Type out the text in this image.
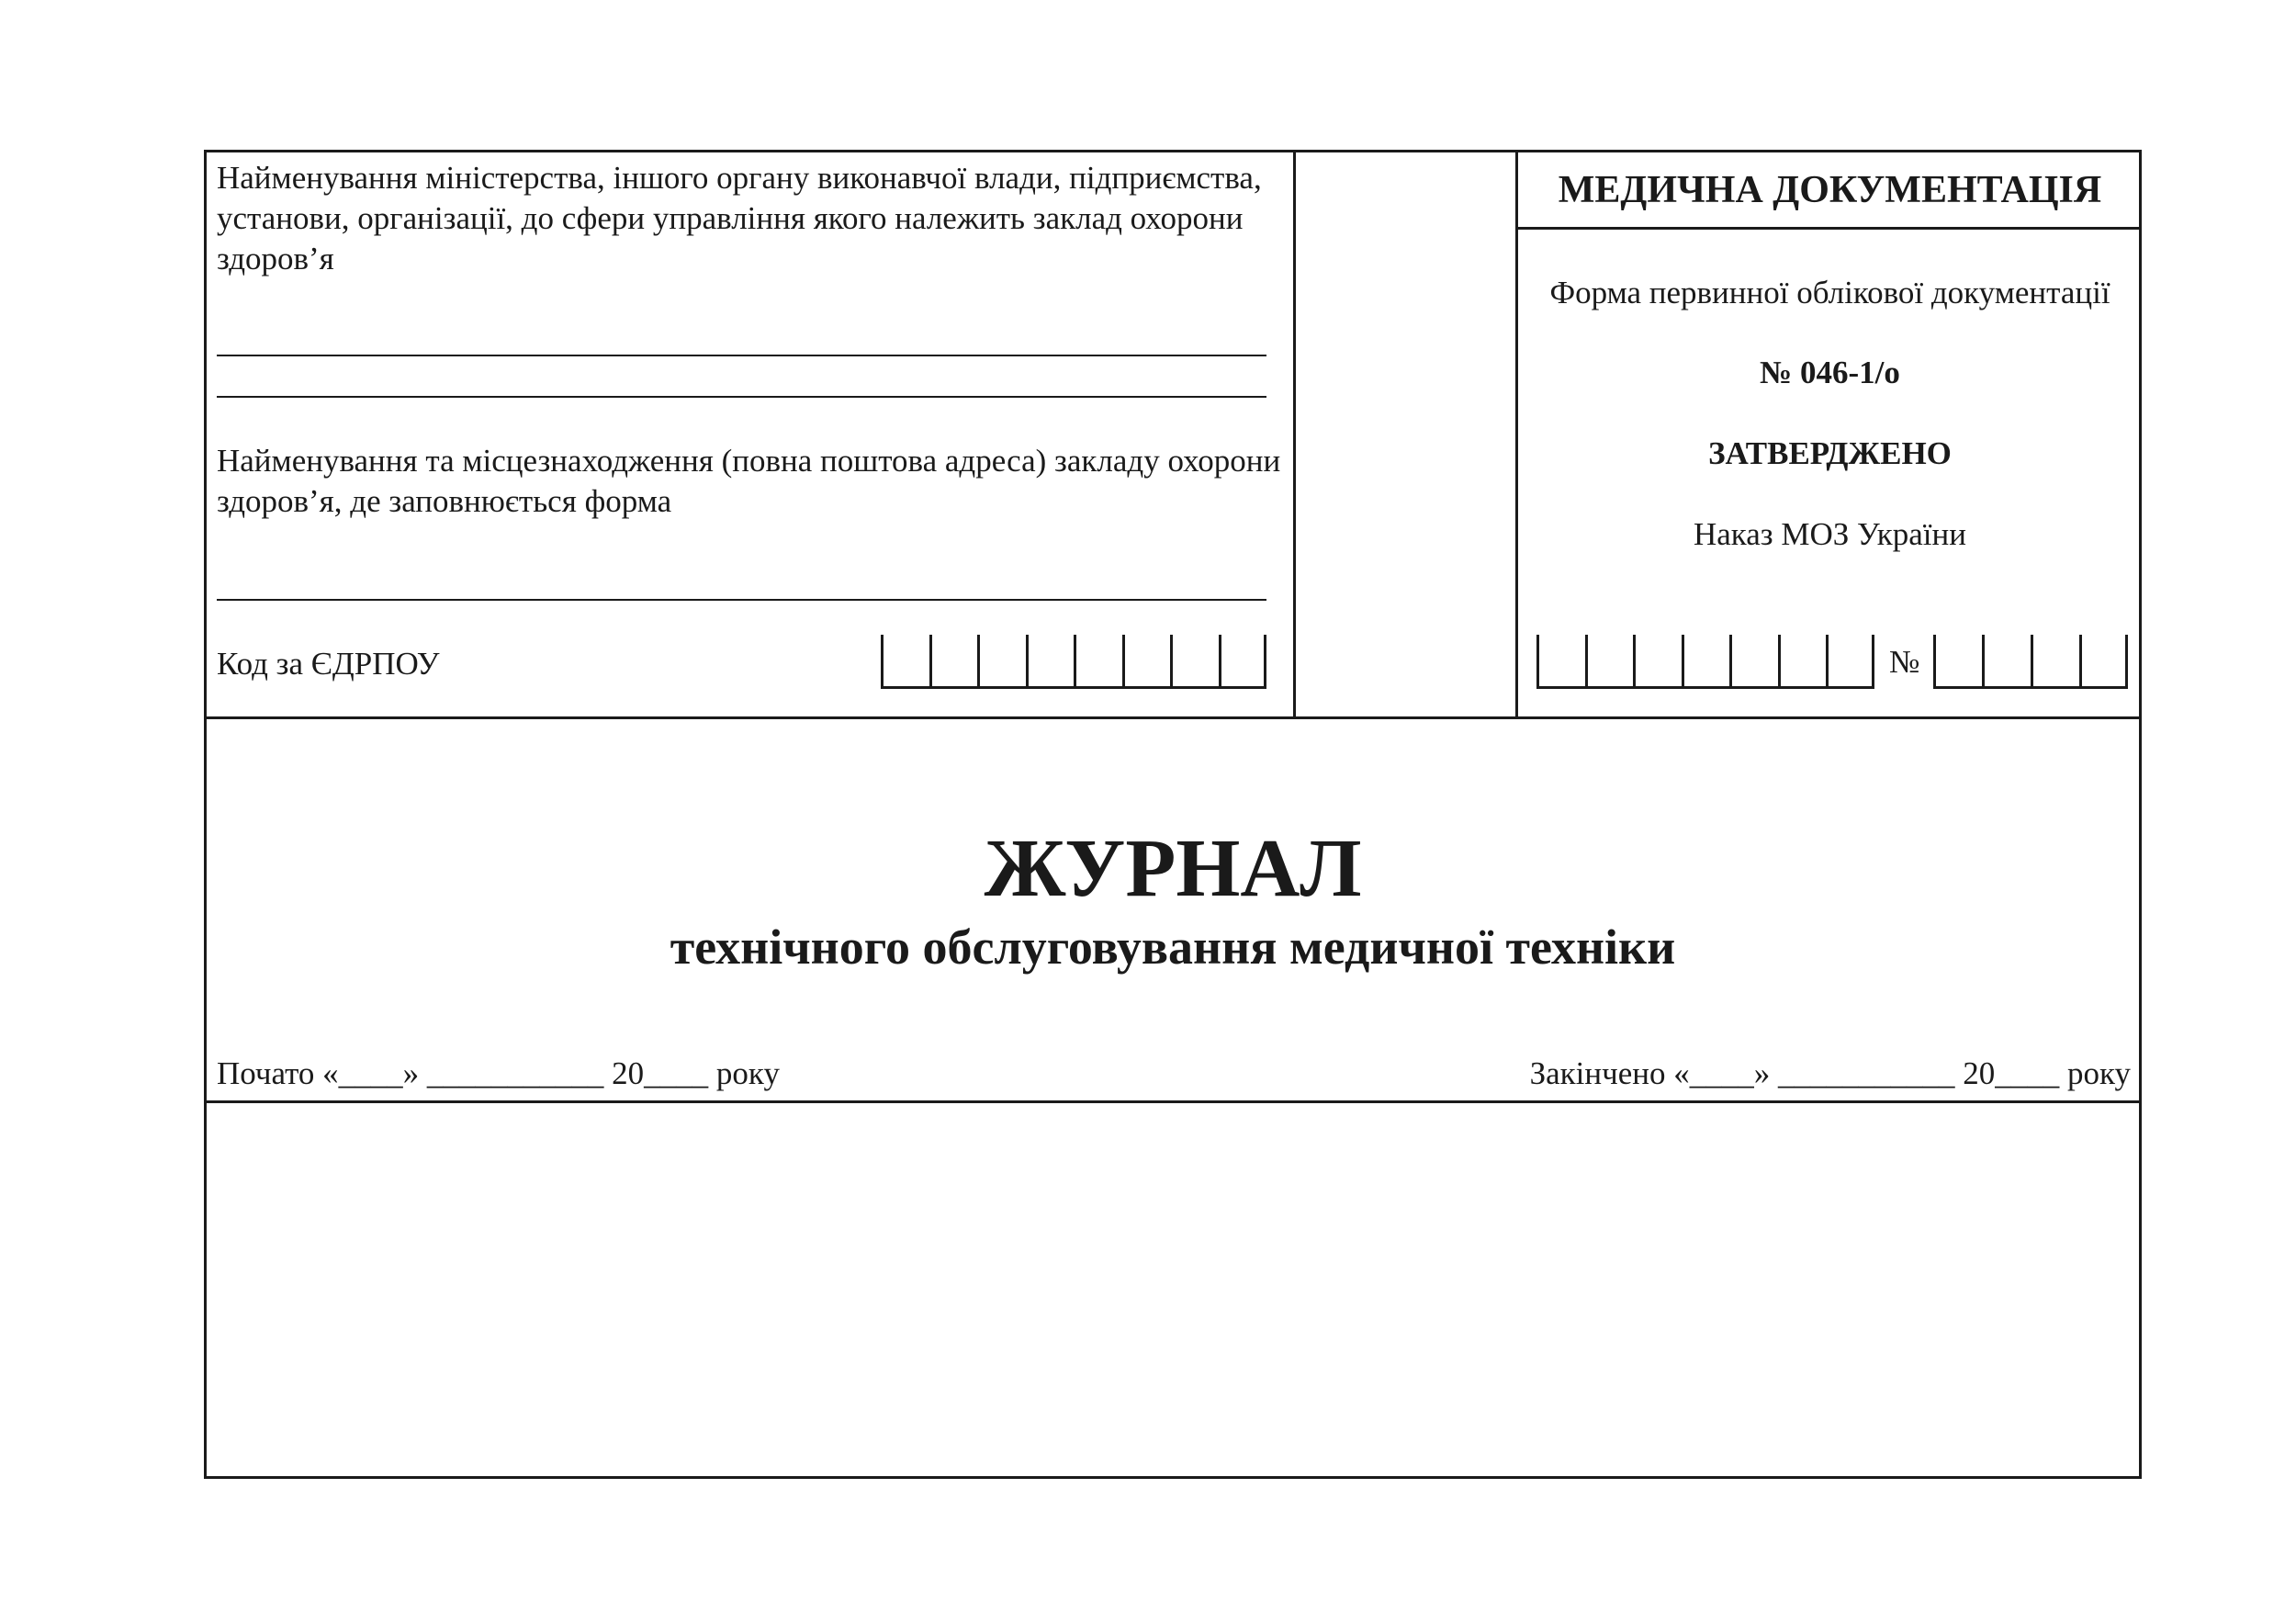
Найменування міністерства, іншого органу виконавчої влади, підприємства, установи, організації, до сфери управління якого належить заклад охорони здоров’я
Найменування та місцезнаходження (повна поштова адреса) закладу охорони здоров’я, де заповнюється форма
Код за ЄДРПОУ
МЕДИЧНА ДОКУМЕНТАЦІЯ
Форма первинної облікової документації
№ 046-1/о
ЗАТВЕРДЖЕНО
Наказ МОЗ України
№
ЖУРНАЛ
технічного обслуговування медичної техніки
Почато «____» ___________ 20____ року	Закінчено «____» ___________ 20____ року
